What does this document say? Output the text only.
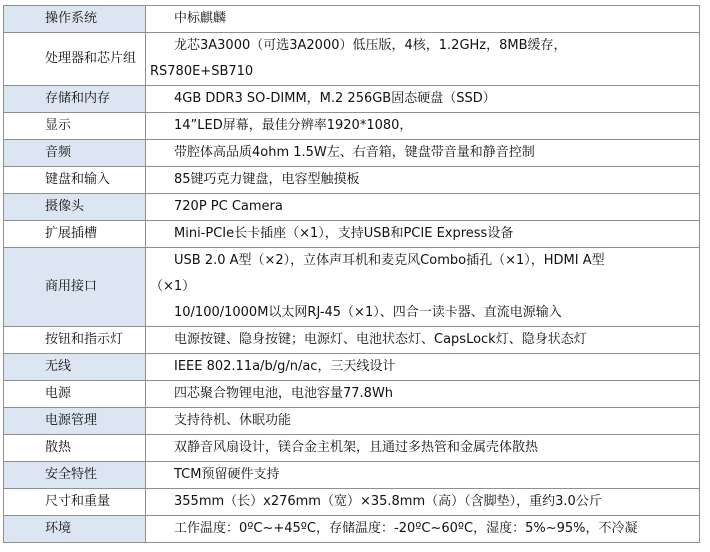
操作系统	中标麒麟

处理器和芯片组	龙芯3A3000（可选3A2000）低压版，4核，1.2GHz，8MB缓存，
RS780E+SB710

存储和内存	4GB DDR3 SO-DIMM，M.2 256GB固态硬盘（SSD）

显示	14”LED屏幕，最佳分辨率1920*1080，

音频	带腔体高品质4ohm 1.5W左、右音箱，键盘带音量和静音控制

键盘和输入	85键巧克力键盘，电容型触摸板

摄像头	720P PC Camera

扩展插槽	Mini-PCIe长卡插座（×1），支持USB和PCIE Express设备

商用接口	USB 2.0 A型（×2），立体声耳机和麦克风Combo插孔（×1），HDMI A型
（×1）
10/100/1000M以太网RJ-45（×1）、四合一读卡器、直流电源输入

按钮和指示灯	电源按键、隐身按键；电源灯、电池状态灯、CapsLock灯、隐身状态灯

无线	IEEE 802.11a/b/g/n/ac，三天线设计

电源	四芯聚合物锂电池，电池容量77.8Wh

电源管理	支持待机、休眠功能

散热	双静音风扇设计，镁合金主机架，且通过多热管和金属壳体散热

安全特性	TCM预留硬件支持

尺寸和重量	355mm（长）x276mm（宽）×35.8mm（高）（含脚垫），重约3.0公斤

环境	工作温度：0ºC~+45ºC，存储温度：-20ºC~60ºC，湿度：5%~95%，不冷凝
